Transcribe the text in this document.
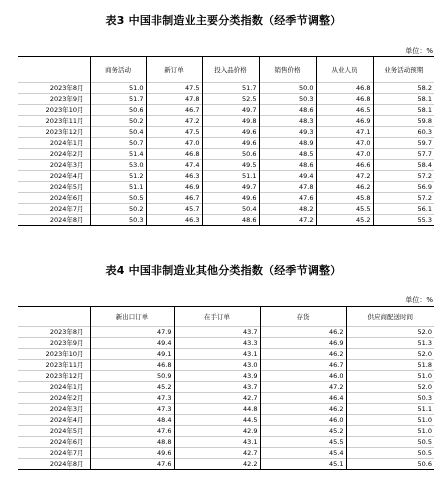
表3 中国非制造业主要分类指数（经季节调整）
单位：%
	商务活动	新订单	投入品价格	销售价格	从业人员	业务活动预期
2023年8月	51.0	47.5	51.7	50.0	46.8	58.2
2023年9月	51.7	47.8	52.5	50.3	46.8	58.1
2023年10月	50.6	46.7	49.7	48.6	46.5	58.1
2023年11月	50.2	47.2	49.8	48.3	46.9	59.8
2023年12月	50.4	47.5	49.6	49.3	47.1	60.3
2024年1月	50.7	47.0	49.6	48.9	47.0	59.7
2024年2月	51.4	46.8	50.6	48.5	47.0	57.7
2024年3月	53.0	47.4	49.5	48.6	46.6	58.4
2024年4月	51.2	46.3	51.1	49.4	47.2	57.2
2024年5月	51.1	46.9	49.7	47.8	46.2	56.9
2024年6月	50.5	46.7	49.6	47.6	45.8	57.2
2024年7月	50.2	45.7	50.4	48.2	45.5	56.1
2024年8月	50.3	46.3	48.6	47.2	45.2	55.3
表4 中国非制造业其他分类指数（经季节调整）
单位：%
	新出口订单	在手订单	存货	供应商配送时间
2023年8月	47.9	43.7	46.2	52.0
2023年9月	49.4	43.3	46.9	51.3
2023年10月	49.1	43.1	46.2	52.0
2023年11月	46.8	43.0	46.7	51.8
2023年12月	50.9	43.9	46.0	51.0
2024年1月	45.2	43.7	47.2	52.0
2024年2月	47.3	42.7	46.4	50.3
2024年3月	47.3	44.8	46.2	51.1
2024年4月	48.4	44.5	46.0	51.0
2024年5月	47.6	42.9	45.2	51.0
2024年6月	48.8	43.1	45.5	50.5
2024年7月	49.6	42.7	45.4	50.5
2024年8月	47.6	42.2	45.1	50.6
